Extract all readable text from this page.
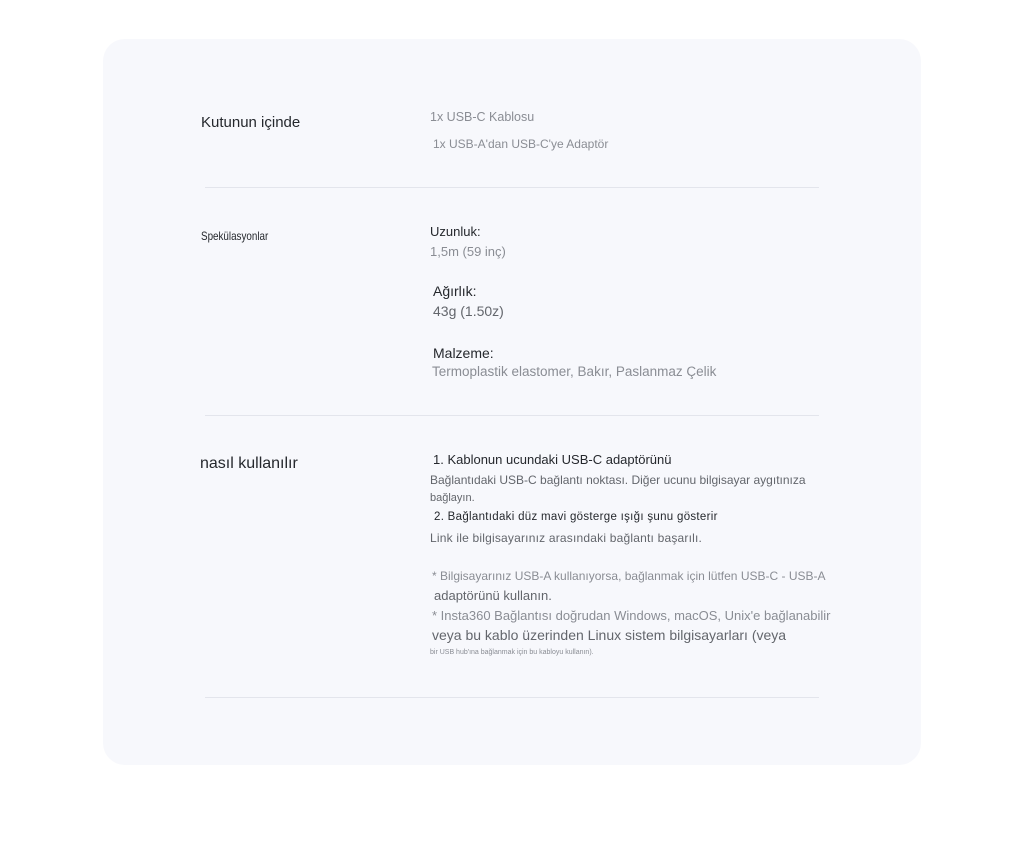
Kutunun içinde	1x USB-C Kablosu
1x USB-A'dan USB-C'ye Adaptör
Spekülasyonlar	Uzunluk:
1,5m (59 inç)
Ağırlık:
43g (1.50z)
Malzeme:
Termoplastik elastomer, Bakır, Paslanmaz Çelik
nasıl kullanılır	1. Kablonun ucundaki USB-C adaptörünü
Bağlantıdaki USB-C bağlantı noktası. Diğer ucunu bilgisayar aygıtınıza
bağlayın.
2. Bağlantıdaki düz mavi gösterge ışığı şunu gösterir
Link ile bilgisayarınız arasındaki bağlantı başarılı.
* Bilgisayarınız USB-A kullanıyorsa, bağlanmak için lütfen USB-C - USB-A
adaptörünü kullanın.
* Insta360 Bağlantısı doğrudan Windows, macOS, Unix'e bağlanabilir
veya bu kablo üzerinden Linux sistem bilgisayarları (veya
bir USB hub'ına bağlanmak için bu kabloyu kullanın).
